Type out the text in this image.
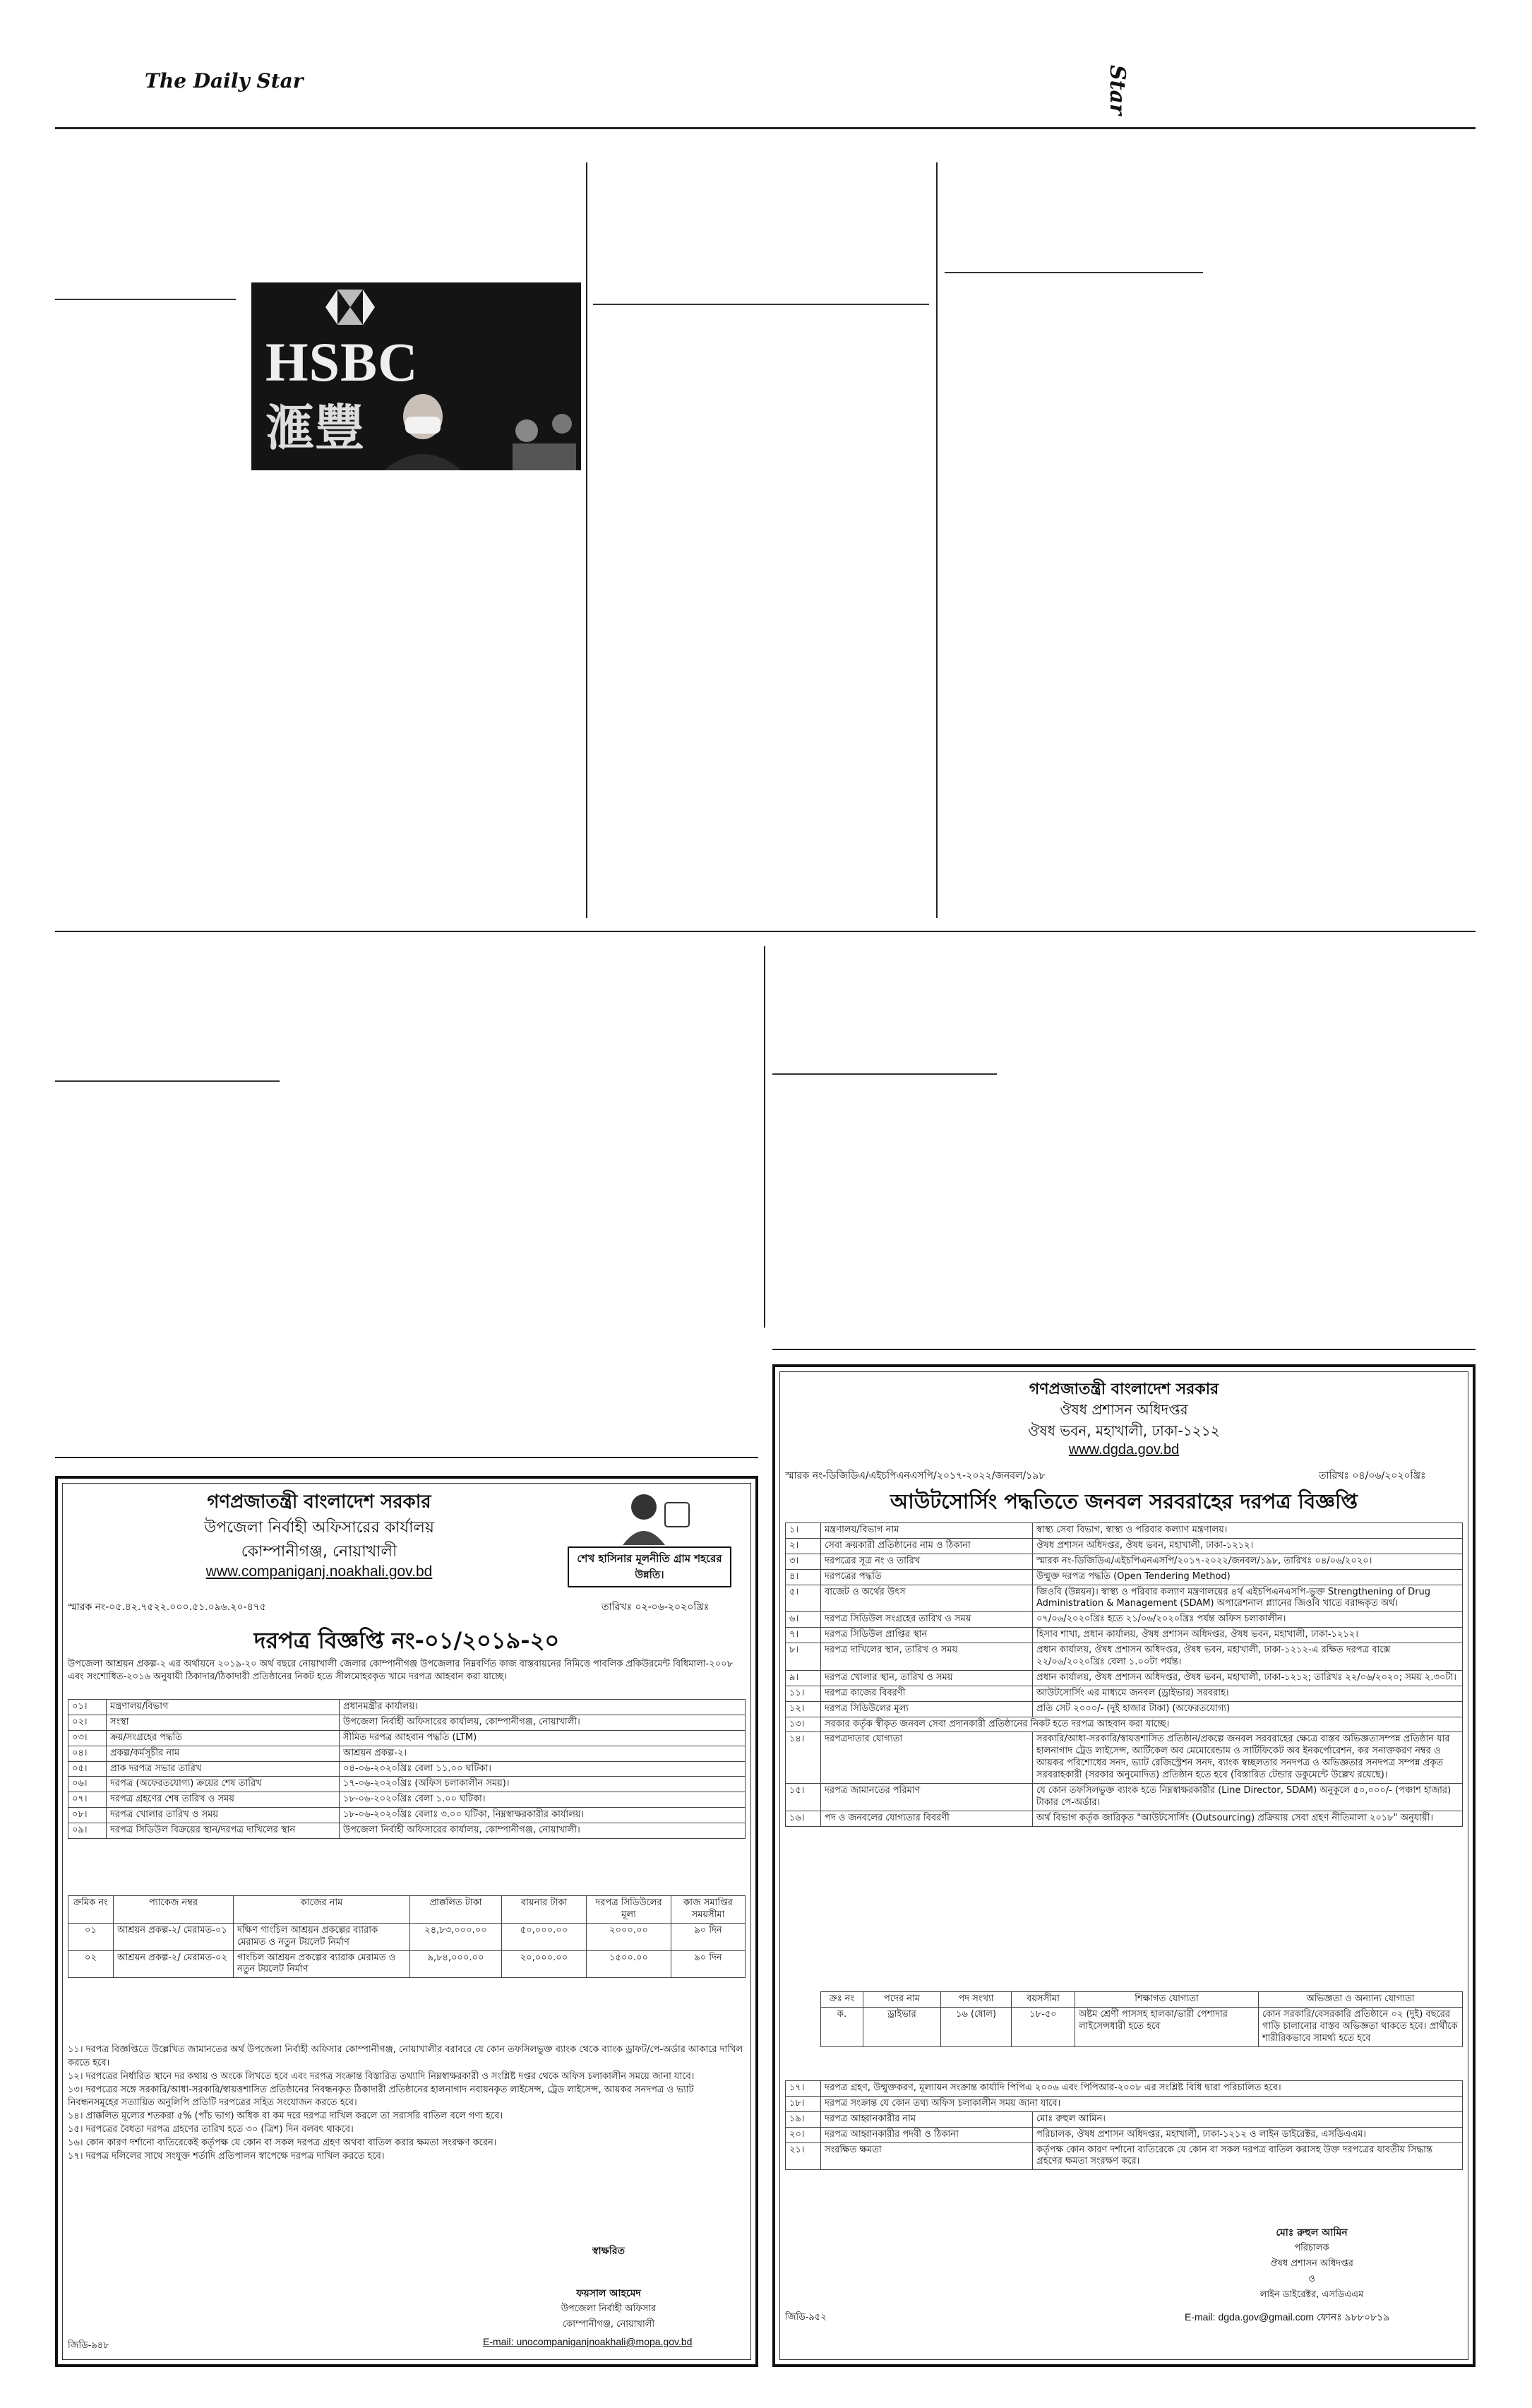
The Daily Star	Star
HSBC
滙豐
গণপ্রজাতন্ত্রী বাংলাদেশ সরকার
উপজেলা নির্বাহী অফিসারের কার্যালয়
কোম্পানীগঞ্জ, নোয়াখালী
www.companiganj.noakhali.gov.bd
শেখ হাসিনার মূলনীতি গ্রাম শহরের উন্নতি।
স্মারক নং-০৫.৪২.৭৫২২.০০০.৫১.০৯৬.২০-৪৭৫	তারিখঃ ০২-০৬-২০২০খ্রিঃ
দরপত্র বিজ্ঞপ্তি নং-০১/২০১৯-২০
উপজেলা আশ্রয়ন প্রকল্প-২ এর অর্থায়নে ২০১৯-২০ অর্থ বছরে নোয়াখালী জেলার কোম্পানীগঞ্জ উপজেলার নিম্নবর্ণিত কাজ বাস্তবায়নের নিমিত্তে পাবলিক প্রকিউরমেন্ট বিধিমালা-২০০৮ এবং সংশোধিত-২০১৬ অনুযায়ী ঠিকাদার/ঠিকাদারী প্রতিষ্ঠানের নিকট হতে সীলমোহরকৃত খামে দরপত্র আহবান করা যাচ্ছে।
০১।	মন্ত্রণালয়/বিভাগ	প্রধানমন্ত্রীর কার্যালয়।
০২।	সংস্থা	উপজেলা নির্বাহী অফিসারের কার্যালয়, কোম্পানীগঞ্জ, নোয়াখালী।
০৩।	ক্রয়/সংগ্রহের পদ্ধতি	সীমিত দরপত্র আহবান পদ্ধতি (LTM)
০৪।	প্রকল্প/কর্মসূচীর নাম	আশ্রয়ন প্রকল্প-২।
০৫।	প্রাক দরপত্র সভার তারিখ	০৪-০৬-২০২০খ্রিঃ বেলা ১১.০০ ঘটিকা।
০৬।	দরপত্র (অফেরতযোগ্য) ক্রয়ের শেষ তারিখ	১৭-০৬-২০২০খ্রিঃ (অফিস চলাকালীন সময়)।
০৭।	দরপত্র গ্রহণের শেষ তারিখ ও সময়	১৮-০৬-২০২০খ্রিঃ বেলা ১.০০ ঘটিকা।
০৮।	দরপত্র খোলার তারিখ ও সময়	১৮-০৬-২০২০খ্রিঃ বেলাঃ ৩.০০ ঘটিকা, নিম্নস্বাক্ষরকারীর কার্যালয়।
০৯।	দরপত্র সিডিউল বিক্রয়ের স্থান/দরপত্র দাখিলের স্থান	উপজেলা নির্বাহী অফিসারের কার্যালয়, কোম্পানীগঞ্জ, নোয়াখালী।
ক্রমিক নং	প্যাকেজ নম্বর	কাজের নাম	প্রাক্কলিত টাকা	বায়নার টাকা	দরপত্র সিডিউলের মূল্য	কাজ সমাপ্তির সময়সীমা
০১	আশ্রয়ন প্রকল্প-২/ মেরামত-০১	দক্ষিণ গাংচিল আশ্রয়ন প্রকল্পের ব্যারাক মেরামত ও নতুন টয়লেট নির্মাণ	২৪,৮৩,০০০.০০	৫০,০০০.০০	২০০০.০০	৯০ দিন
০২	আশ্রয়ন প্রকল্প-২/ মেরামত-০২	গাংচিল আশ্রয়ন প্রকল্পের ব্যারাক মেরামত ও নতুন টয়লেট নির্মাণ	৯,৮৪,০০০.০০	২০,০০০.০০	১৫০০.০০	৯০ দিন
১১। দরপত্র বিজ্ঞপ্তিতে উল্লেখিত জামানতের অর্থ উপজেলা নির্বাহী অফিসার কোম্পানীগঞ্জ, নোয়াখালীর বরাবরে যে কোন তফসিলভুক্ত ব্যাংক থেকে ব্যাংক ড্রাফট/পে-অর্ডার আকারে দাখিল করতে হবে।
১২। দরপত্রের নির্ধারিত স্থানে দর কথায় ও অংকে লিখতে হবে এবং দরপত্র সংক্রান্ত বিস্তারিত তথ্যাদি নিম্নস্বাক্ষরকারী ও সংশ্লিষ্ট দপ্তর থেকে অফিস চলাকালীন সময়ে জানা যাবে।
১৩। দরপত্রের সঙ্গে সরকারি/আধা-সরকারি/স্বায়ত্তশাসিত প্রতিষ্ঠানের নিবন্ধনকৃত ঠিকাদারী প্রতিষ্ঠানের হালনাগাদ নবায়নকৃত লাইসেন্স, ট্রেড লাইসেন্স, আয়কর সনদপত্র ও ভ্যাট নিবন্ধনসমূহের সত্যায়িত অনুলিপি প্রতিটি দরপত্রের সহিত সংযোজন করতে হবে।
১৪। প্রাক্কলিত মূল্যের শতকরা ৫% (পাঁচ ভাগ) অধিক বা কম দরে দরপত্র দাখিল করলে তা সরাসরি বাতিল বলে গণ্য হবে।
১৫। দরপত্রের বৈধতা দরপত্র গ্রহণের তারিখ হতে ৩০ (ত্রিশ) দিন বলবৎ থাকবে।
১৬। কোন কারণ দর্শানো ব্যতিরেকেই কর্তৃপক্ষ যে কোন বা সকল দরপত্র গ্রহণ অথবা বাতিল করার ক্ষমতা সংরক্ষণ করেন।
১৭। দরপত্র দলিলের সাথে সংযুক্ত শর্তাদি প্রতিপালন স্বাপেক্ষে দরপত্র দাখিল করতে হবে।
স্বাক্ষরিত
ফয়সাল আহমেদ
উপজেলা নির্বাহী অফিসার
কোম্পানীগঞ্জ, নোয়াখালী
E-mail: unocompaniganjnoakhali@mopa.gov.bd
জিডি-৯৪৮
গণপ্রজাতন্ত্রী বাংলাদেশ সরকার
ঔষধ প্রশাসন অধিদপ্তর
ঔষধ ভবন, মহাখালী, ঢাকা-১২১২
www.dgda.gov.bd
স্মারক নং-ডিজিডিএ/এইচপিএনএসপি/২০১৭-২০২২/জনবল/১৯৮	তারিখঃ ০৪/০৬/২০২০খ্রিঃ
আউটসোর্সিং পদ্ধতিতে জনবল সরবরাহের দরপত্র বিজ্ঞপ্তি
১।	মন্ত্রণালয়/বিভাগ নাম	স্বাস্থ্য সেবা বিভাগ, স্বাস্থ্য ও পরিবার কল্যাণ মন্ত্রণালয়।
২।	সেবা ক্রয়কারী প্রতিষ্ঠানের নাম ও ঠিকানা	ঔষধ প্রশাসন অধিদপ্তর, ঔষধ ভবন, মহাখালী, ঢাকা-১২১২।
৩।	দরপত্রের সূত্র নং ও তারিখ	স্মারক নং-ডিজিডিএ/এইচপিএনএসপি/২০১৭-২০২২/জনবল/১৯৮, তারিখঃ ০৪/০৬/২০২০।
৪।	দরপত্রের পদ্ধতি	উন্মুক্ত দরপত্র পদ্ধতি (Open Tendering Method)
৫।	বাজেট ও অর্থের উৎস	জিওবি (উন্নয়ন)। স্বাস্থ্য ও পরিবার কল্যাণ মন্ত্রণালয়ের ৪র্থ এইচপিএনএসপি-ভুক্ত Strengthening of Drug Administration & Management (SDAM) অপারেশনাল প্ল্যানের জিওবি খাতে বরাদ্দকৃত অর্থ।
৬।	দরপত্র সিডিউল সংগ্রহের তারিখ ও সময়	০৭/০৬/২০২০খ্রিঃ হতে ২১/০৬/২০২০খ্রিঃ পর্যন্ত অফিস চলাকালীন।
৭।	দরপত্র সিডিউল প্রাপ্তির স্থান	হিসাব শাখা, প্রধান কার্যালয়, ঔষধ প্রশাসন অধিদপ্তর, ঔষধ ভবন, মহাখালী, ঢাকা-১২১২।
৮।	দরপত্র দাখিলের স্থান, তারিখ ও সময়	প্রধান কার্যালয়, ঔষধ প্রশাসন অধিদপ্তর, ঔষধ ভবন, মহাখালী, ঢাকা-১২১২-এ রক্ষিত দরপত্র বাক্সে ২২/০৬/২০২০খ্রিঃ বেলা ১.০০টা পর্যন্ত।
৯।	দরপত্র খোলার স্থান, তারিখ ও সময়	প্রধান কার্যালয়, ঔষধ প্রশাসন অধিদপ্তর, ঔষধ ভবন, মহাখালী, ঢাকা-১২১২; তারিখঃ ২২/০৬/২০২০; সময় ২.৩০টা।
১১।	দরপত্র কাজের বিবরণী	আউটসোর্সিং এর মাধ্যমে জনবল (ড্রাইভার) সরবরাহ।
১২।	দরপত্র সিডিউলের মূল্য	প্রতি সেট ২০০০/- (দুই হাজার টাকা) (অফেরতযোগ্য)
১৩।	সরকার কর্তৃক স্বীকৃত জনবল সেবা প্রদানকারী প্রতিষ্ঠানের নিকট হতে দরপত্র আহবান করা যাচ্ছে।	
১৪।	দরপত্রদাতার যোগ্যতা	সরকারি/আধা-সরকারি/স্বায়ত্তশাসিত প্রতিষ্ঠান/প্রকল্পে জনবল সরবরাহের ক্ষেত্রে বাস্তব অভিজ্ঞতাসম্পন্ন প্রতিষ্ঠান যার হালনাগাদ ট্রেড লাইসেন্স, আর্টিকেল অব মেমোরেন্ডাম ও সার্টিফিকেট অব ইনকর্পোরেশন, কর সনাক্তকরণ নম্বর ও আয়কর পরিশোধের সনদ, ভ্যাট রেজিস্ট্রেশন সনদ, ব্যাংক স্বচ্ছলতার সনদপত্র ও অভিজ্ঞতার সনদপত্র সম্পন্ন প্রকৃত সরবরাহকারী (সরকার অনুমোদিত) প্রতিষ্ঠান হতে হবে (বিস্তারিত টেন্ডার ডকুমেন্টে উল্লেখ রয়েছে)।
১৫।	দরপত্র জামানতের পরিমাণ	যে কোন তফসিলভুক্ত ব্যাংক হতে নিম্নস্বাক্ষরকারীর (Line Director, SDAM) অনুকূলে ৫০,০০০/- (পঞ্চাশ হাজার) টাকার পে-অর্ডার।
১৬।	পদ ও জনবলের যোগ্যতার বিবরণী	অর্থ বিভাগ কর্তৃক জারিকৃত "আউটসোর্সিং (Outsourcing) প্রক্রিয়ায় সেবা গ্রহণ নীতিমালা ২০১৮" অনুযায়ী।
ক্রঃ নং	পদের নাম	পদ সংখ্যা	বয়সসীমা	শিক্ষাগত যোগ্যতা	অভিজ্ঞতা ও অন্যান্য যোগ্যতা
ক.	ড্রাইভার	১৬ (ষোল)	১৮-৫০	অষ্টম শ্রেণী পাসসহ হালকা/ভারী পেশাদার লাইসেন্সধারী হতে হবে	কোন সরকারি/বেসরকারি প্রতিষ্ঠানে ০২ (দুই) বছরের গাড়ি চালানোর বাস্তব অভিজ্ঞতা থাকতে হবে। প্রার্থীকে শারীরিকভাবে সামর্থ্য হতে হবে
১৭।	দরপত্র গ্রহণ, উন্মুক্তকরণ, মূল্যায়ন সংক্রান্ত কার্যাদি পিপিএ ২০০৬ এবং পিপিআর-২০০৮ এর সংশ্লিষ্ট বিধি দ্বারা পরিচালিত হবে।	
১৮।	দরপত্র সংক্রান্ত যে কোন তথ্য অফিস চলাকালীন সময় জানা যাবে।	
১৯।	দরপত্র আহ্বানকারীর নাম	মোঃ রুহুল আমিন।
২০।	দরপত্র আহ্বানকারীর পদবী ও ঠিকানা	পরিচালক, ঔষধ প্রশাসন অধিদপ্তর, মহাখালী, ঢাকা-১২১২ ও লাইন ডাইরেক্টর, এসডিএএম।
২১।	সংরক্ষিত ক্ষমতা	কর্তৃপক্ষ কোন কারণ দর্শানো ব্যতিরেকে যে কোন বা সকল দরপত্র বাতিল করাসহ উক্ত দরপত্রের যাবতীয় সিদ্ধান্ত গ্রহণের ক্ষমতা সংরক্ষণ করে।
মোঃ রুহুল আমিন
পরিচালক
ঔষধ প্রশাসন অধিদপ্তর
ও
লাইন ডাইরেক্টর, এসডিএএম
E-mail: dgda.gov@gmail.com ফোনঃ ৯৮৮০৮১৯
জিডি-৯৫২
